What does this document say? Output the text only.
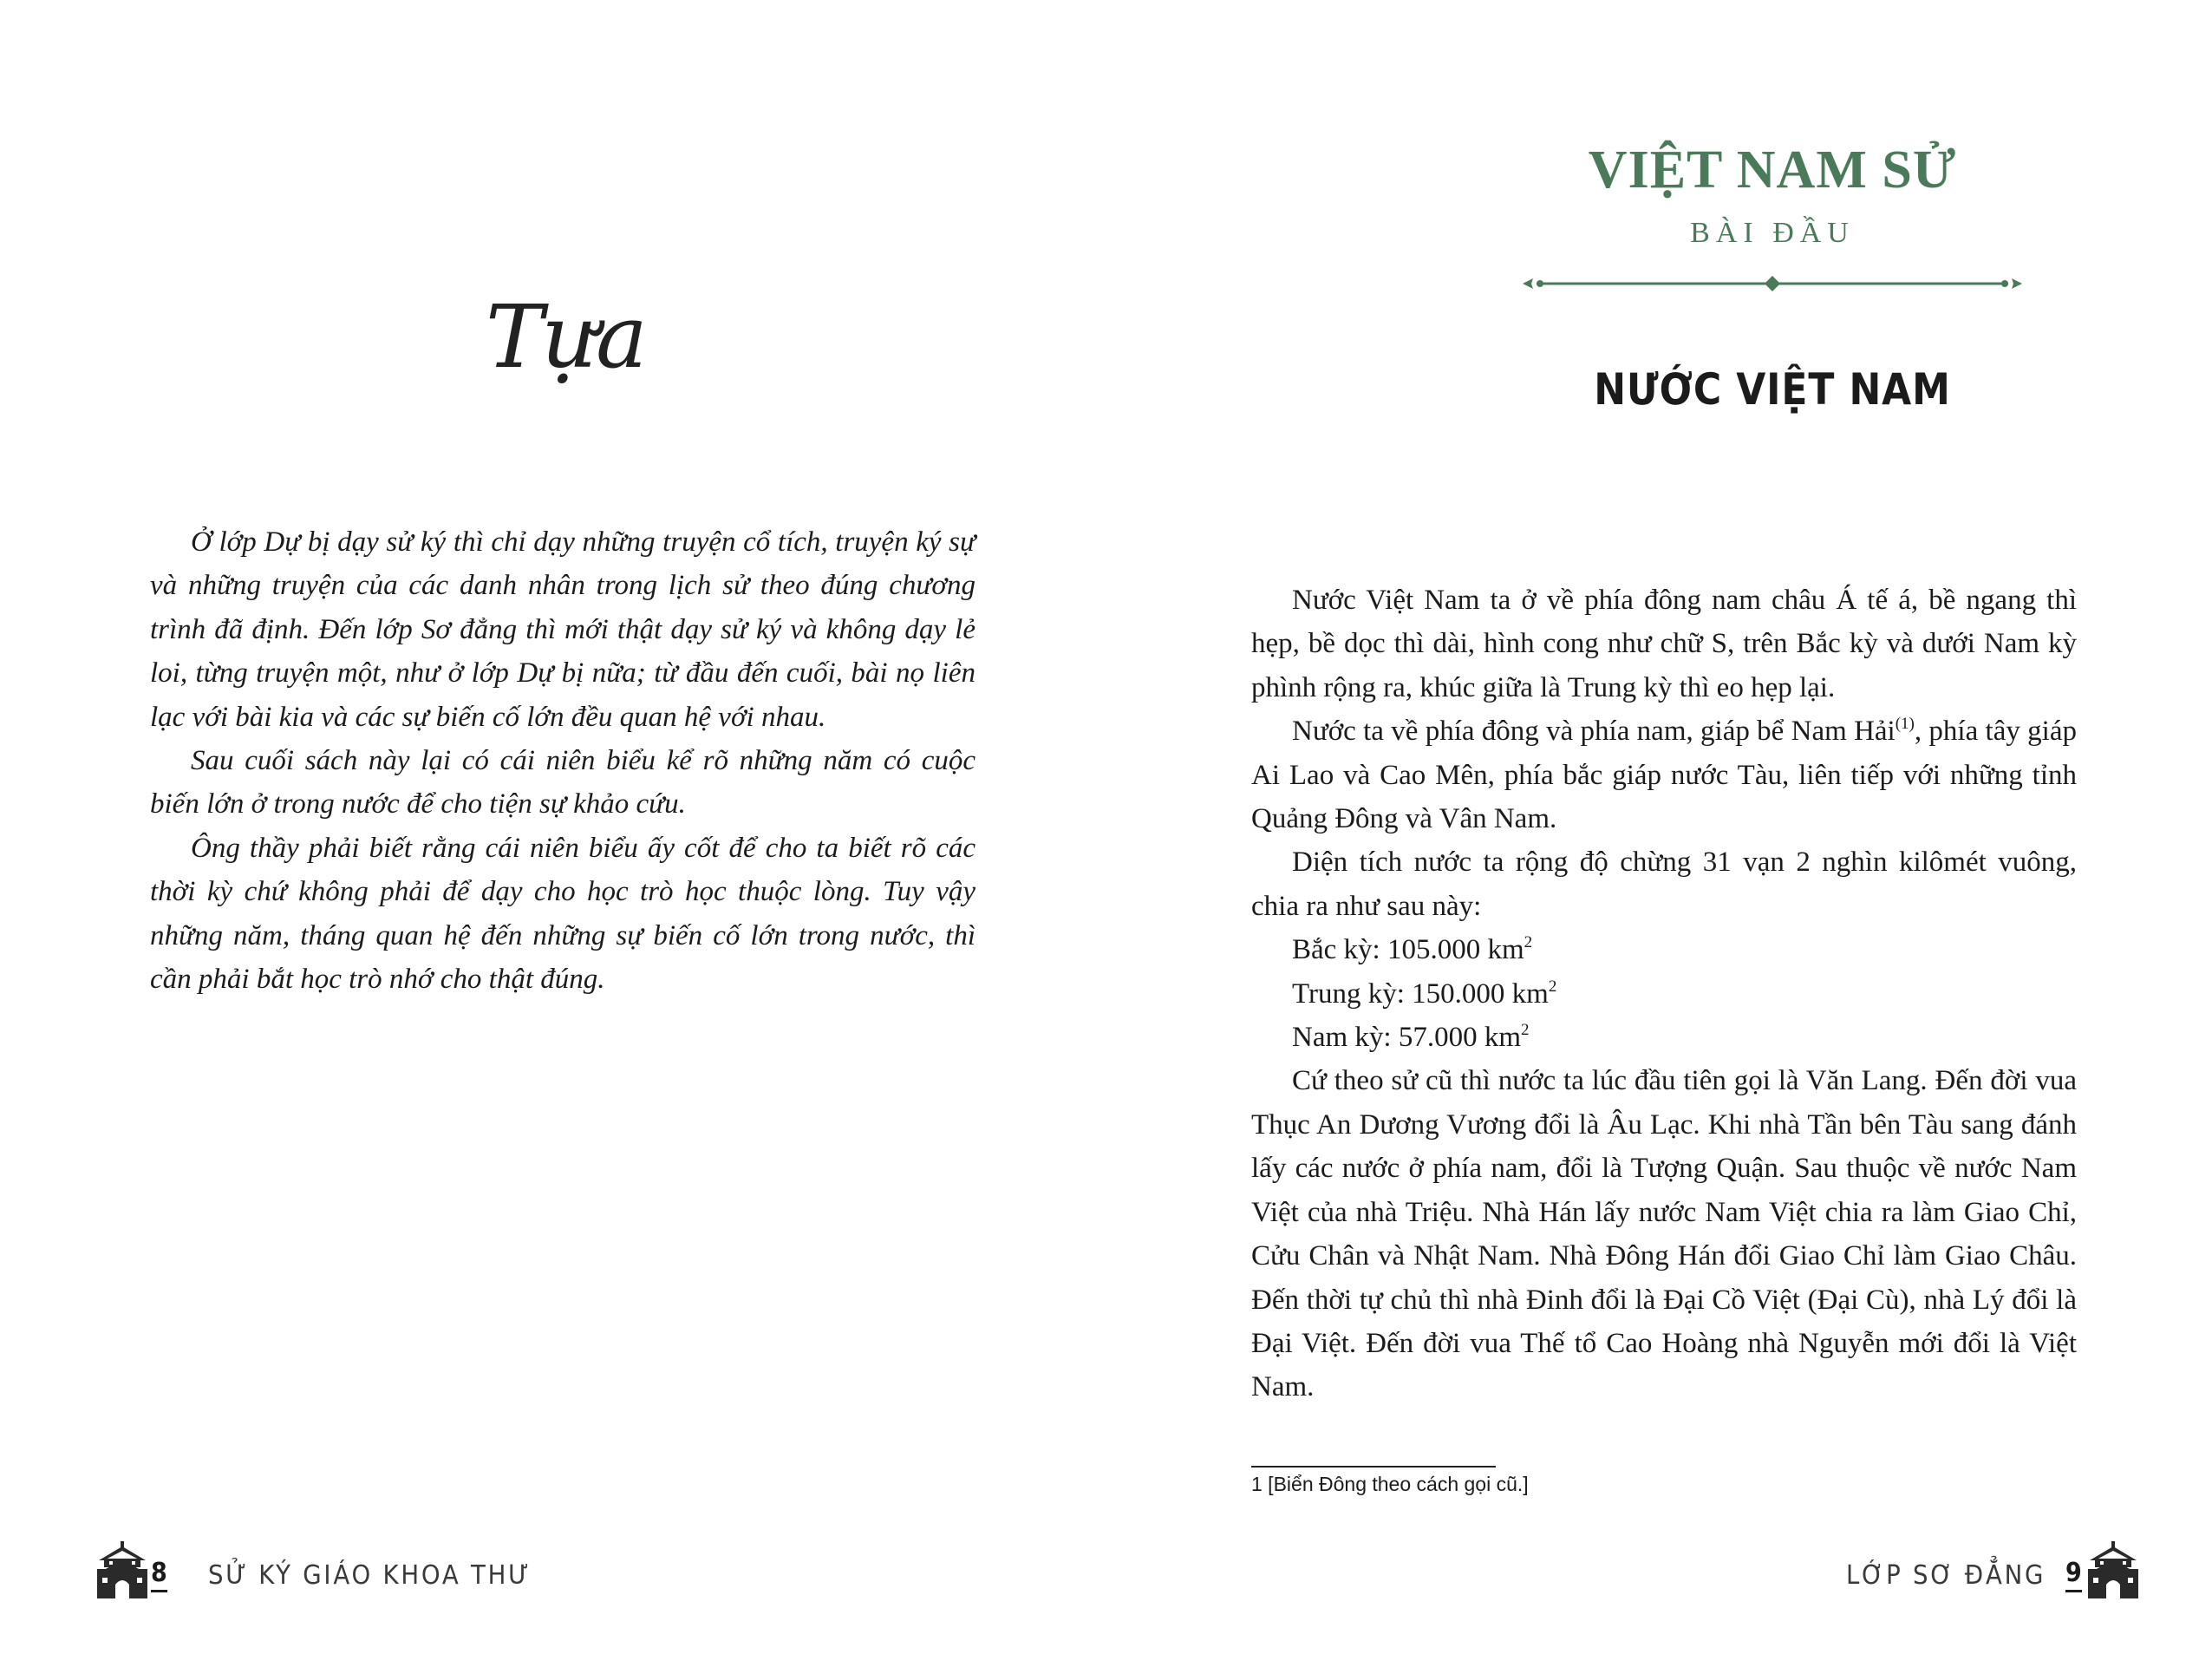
Tựa

Ở lớp Dự bị dạy sử ký thì chỉ dạy những truyện cổ tích, truyện ký sự và những truyện của các danh nhân trong lịch sử theo đúng chương trình đã định. Đến lớp Sơ đẳng thì mới thật dạy sử ký và không dạy lẻ loi, từng truyện một, như ở lớp Dự bị nữa; từ đầu đến cuối, bài nọ liên lạc với bài kia và các sự biến cố lớn đều quan hệ với nhau.

Sau cuối sách này lại có cái niên biểu kể rõ những năm có cuộc biến lớn ở trong nước để cho tiện sự khảo cứu.

Ông thầy phải biết rằng cái niên biểu ấy cốt để cho ta biết rõ các thời kỳ chứ không phải để dạy cho học trò học thuộc lòng. Tuy vậy những năm, tháng quan hệ đến những sự biến cố lớn trong nước, thì cần phải bắt học trò nhớ cho thật đúng.

8 SỬ KÝ GIÁO KHOA THƯ
VIỆT NAM SỬ
BÀI ĐẦU
NƯỚC VIỆT NAM

Nước Việt Nam ta ở về phía đông nam châu Á tế á, bề ngang thì hẹp, bề dọc thì dài, hình cong như chữ S, trên Bắc kỳ và dưới Nam kỳ phình rộng ra, khúc giữa là Trung kỳ thì eo hẹp lại.

Nước ta về phía đông và phía nam, giáp bể Nam Hải$^{(1)}$, phía tây giáp Ai Lao và Cao Mên, phía bắc giáp nước Tàu, liên tiếp với những tỉnh Quảng Đông và Vân Nam.

Diện tích nước ta rộng độ chừng 31 vạn 2 nghìn kilômét vuông, chia ra như sau này:

Bắc kỳ: 105.000 $km^2$

Trung kỳ: 150.000 $km^2$

Nam kỳ: 57.000 $km^2$

Cứ theo sử cũ thì nước ta lúc đầu tiên gọi là Văn Lang. Đến đời vua Thục An Dương Vương đổi là Âu Lạc. Khi nhà Tần bên Tàu sang đánh lấy các nước ở phía nam, đổi là Tượng Quận. Sau thuộc về nước Nam Việt của nhà Triệu. Nhà Hán lấy nước Nam Việt chia ra làm Giao Chỉ, Cửu Chân và Nhật Nam. Nhà Đông Hán đổi Giao Chỉ làm Giao Châu. Đến thời tự chủ thì nhà Đinh đổi là Đại Cồ Việt (Đại Cù), nhà Lý đổi là Đại Việt. Đến đời vua Thế tổ Cao Hoàng nhà Nguyễn mới đổi là Việt Nam.

1 [Biển Đông theo cách gọi cũ.]
LỚP SƠ ĐẲNG 9
